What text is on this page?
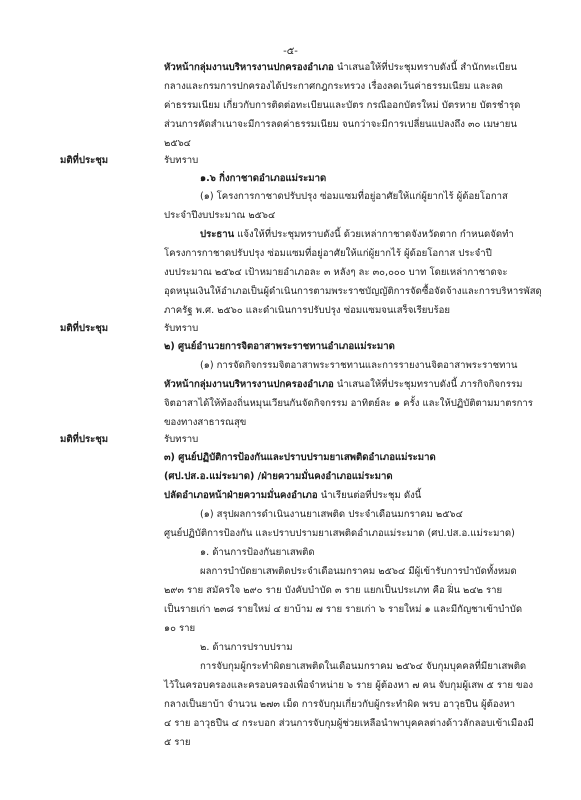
-๕-

หัวหน้ากลุ่มงานบริหารงานปกครองอำเภอ นำเสนอให้ที่ประชุมทราบดังนี้ สำนักทะเบียน

กลางและกรมการปกครองได้ประกาศกฎกระทรวง เรื่องลดเว้นค่าธรรมเนียม และลด

ค่าธรรมเนียม เกี่ยวกับการติดต่อทะเบียนและบัตร กรณีออกบัตรใหม่ บัตรหาย บัตรชำรุด

ส่วนการคัดสำเนาจะมีการลดค่าธรรมเนียม จนกว่าจะมีการเปลี่ยนแปลงถึง ๓๐ เมษายน

๒๕๖๔

มติที่ประชุม	รับทราบ

๑.๖ กิ่งกาชาดอำเภอแม่ระมาด

(๑) โครงการกาชาดปรับปรุง ซ่อมแซมที่อยู่อาศัยให้แก่ผู้ยากไร้ ผู้ด้อยโอกาส

ประจำปีงบประมาณ ๒๕๖๔

ประธาน แจ้งให้ที่ประชุมทราบดังนี้ ด้วยเหล่ากาชาดจังหวัดตาก กำหนดจัดทำ

โครงการกาชาดปรับปรุง ซ่อมแซมที่อยู่อาศัยให้แก่ผู้ยากไร้ ผู้ด้อยโอกาส ประจำปี

งบประมาณ ๒๕๖๔ เป้าหมายอำเภอละ ๓ หลังๆ ละ ๓๐,๐๐๐ บาท โดยเหล่ากาชาดจะ

อุดหนุนเงินให้อำเภอเป็นผู้ดำเนินการตามพระราชบัญญัติการจัดซื้อจัดจ้างและการบริหารพัสดุ

ภาครัฐ พ.ศ. ๒๕๖๐ และดำเนินการปรับปรุง ซ่อมแซมจนเสร็จเรียบร้อย

มติที่ประชุม	รับทราบ

๒) ศูนย์อำนวยการจิตอาสาพระราชทานอำเภอแม่ระมาด

(๑) การจัดกิจกรรมจิตอาสาพระราชทานและการรายงานจิตอาสาพระราชทาน

หัวหน้ากลุ่มงานบริหารงานปกครองอำเภอ นำเสนอให้ที่ประชุมทราบดังนี้ ภารกิจกิจกรรม

จิตอาสาได้ให้ท้องถิ่นหมุนเวียนกันจัดกิจกรรม อาทิตย์ละ ๑ ครั้ง และให้ปฏิบัติตามมาตรการ

ของทางสาธารณสุข

มติที่ประชุม	รับทราบ

๓) ศูนย์ปฏิบัติการป้องกันและปราบปรามยาเสพติดอำเภอแม่ระมาด

(ศป.ปส.อ.แม่ระมาด) /ฝ่ายความมั่นคงอำเภอแม่ระมาด

ปลัดอำเภอหน้าฝ่ายความมั่นคงอำเภอ นำเรียนต่อที่ประชุม ดังนี้

(๑) สรุปผลการดำเนินงานยาเสพติด ประจำเดือนมกราคม ๒๕๖๔

ศูนย์ปฏิบัติการป้องกัน และปราบปรามยาเสพติดอำเภอแม่ระมาด (ศป.ปส.อ.แม่ระมาด)

๑. ด้านการป้องกันยาเสพติด

ผลการบำบัดยาเสพติดประจำเดือนมกราคม ๒๕๖๔ มีผู้เข้ารับการบำบัดทั้งหมด

๒๙๓ ราย สมัครใจ ๒๙๐ ราย บังคับบำบัด ๓ ราย แยกเป็นประเภท คือ ฝิ่น ๒๔๒ ราย

เป็นรายเก่า ๒๓๘ รายใหม่ ๔ ยาบ้าม ๗ ราย รายเก่า ๖ รายใหม่ ๑ และมีกัญชาเข้าบำบัด

๑๐ ราย

๒. ด้านการปราบปราม

การจับกุมผู้กระทำผิดยาเสพติดในเดือนมกราคม ๒๕๖๔ จับกุมบุคคลที่มียาเสพติด

ไว้ในครอบครองและครอบครองเพื่อจำหน่าย ๖ ราย ผู้ต้องหา ๗ คน จับกุมผู้เสพ ๕ ราย ของ

กลางเป็นยาบ้า จำนวน ๒๗๓ เม็ด การจับกุมเกี่ยวกับผู้กระทำผิด พรบ อาวุธปืน ผู้ต้องหา

๔ ราย อาวุธปืน ๔ กระบอก ส่วนการจับกุมผู้ช่วยเหลือนำพาบุคคลต่างด้าวลักลอบเข้าเมืองมี

๕ ราย
